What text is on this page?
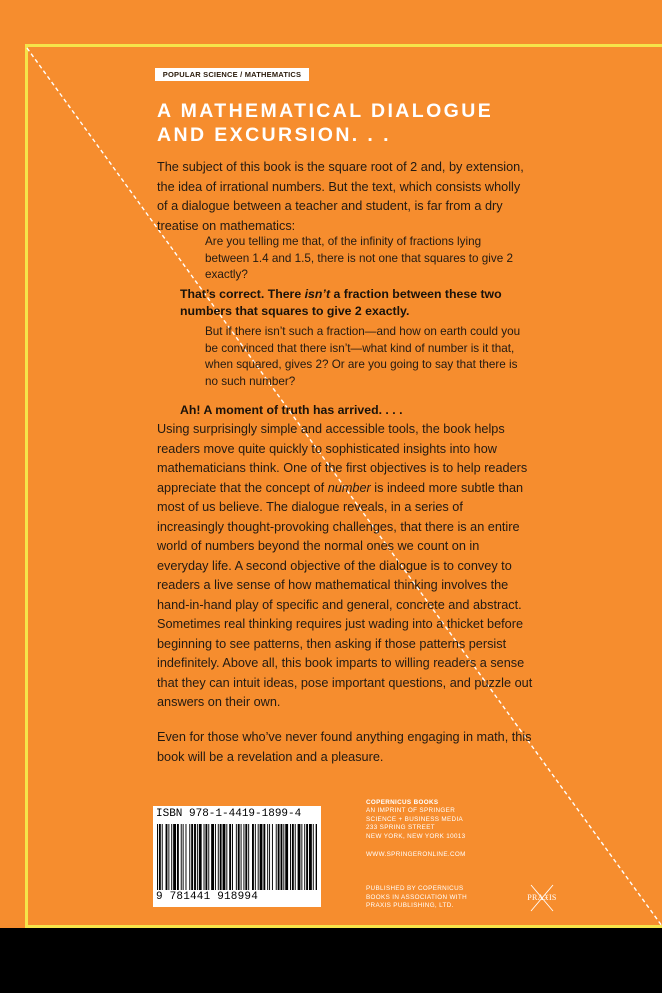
POPULAR SCIENCE / MATHEMATICS
A MATHEMATICAL DIALOGUE
AND EXCURSION. . .

The subject of this book is the square root of 2 and, by extension, the idea of irrational numbers. But the text, which consists wholly of a dialogue between a teacher and student, is far from a dry treatise on mathematics:

Are you telling me that, of the infinity of fractions lying between 1.4 and 1.5, there is not one that squares to give 2 exactly?

That’s correct. There isn’t a fraction between these two numbers that squares to give 2 exactly.

But if there isn’t such a fraction—and how on earth could you be convinced that there isn’t—what kind of number is it that, when squared, gives 2? Or are you going to say that there is no such number?

Ah! A moment of truth has arrived. . . .

Using surprisingly simple and accessible tools, the book helps readers move quite quickly to sophisticated insights into how mathematicians think. One of the first objectives is to help readers appreciate that the concept of number is indeed more subtle than most of us believe. The dialogue reveals, in a series of increasingly thought-provoking challenges, that there is an entire world of numbers beyond the normal ones we count on in everyday life. A second objective of the dialogue is to convey to readers a live sense of how mathematical thinking involves the hand-in-hand play of specific and general, concrete and abstract. Sometimes real thinking requires just wading into a thicket before beginning to see patterns, then asking if those patterns persist indefinitely. Above all, this book imparts to willing readers a sense that they can intuit ideas, pose important questions, and puzzle out answers on their own.

Even for those who’ve never found anything engaging in math, this book will be a revelation and a pleasure.

ISBN 978-1-4419-1899-4
9 781441 918994
COPERNICUS BOOKS
AN IMPRINT OF SPRINGER
SCIENCE + BUSINESS MEDIA
233 SPRING STREET
NEW YORK, NEW YORK 10013
WWW.SPRINGERONLINE.COM
PUBLISHED BY COPERNICUS
BOOKS IN ASSOCIATION WITH
PRAXIS PUBLISHING, LTD.
PRA𝔛IS
